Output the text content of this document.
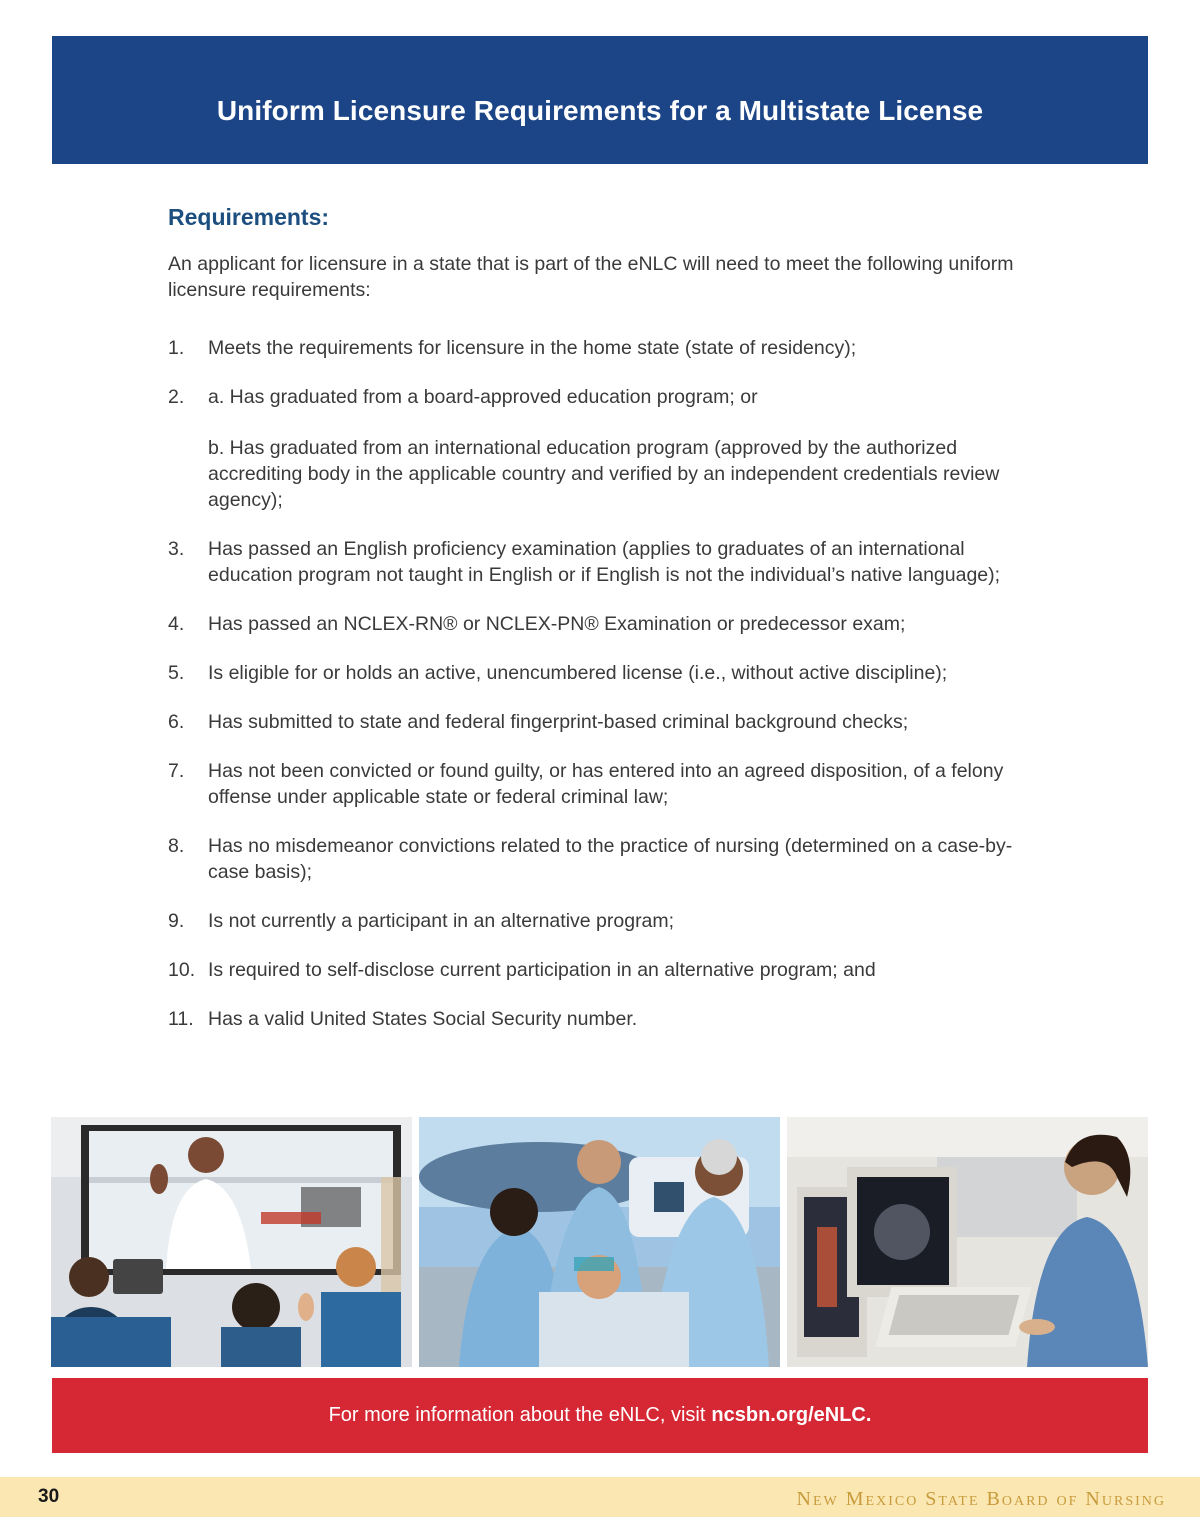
Uniform Licensure Requirements for a Multistate License
Requirements:

An applicant for licensure in a state that is part of the eNLC will need to meet the following uniform licensure requirements:

1.	Meets the requirements for licensure in the home state (state of residency);
2.	a. Has graduated from a board-approved education program; or
b. Has graduated from an international education program (approved by the authorized accrediting body in the applicable country and verified by an independent credentials review agency);
3.	Has passed an English proficiency examination (applies to graduates of an international education program not taught in English or if English is not the individual’s native language);
4.	Has passed an NCLEX-RN® or NCLEX-PN® Examination or predecessor exam;
5.	Is eligible for or holds an active, unencumbered license (i.e., without active discipline);
6.	Has submitted to state and federal fingerprint-based criminal background checks;
7.	Has not been convicted or found guilty, or has entered into an agreed disposition, of a felony offense under applicable state or federal criminal law;
8.	Has no misdemeanor convictions related to the practice of nursing (determined on a case-by-case basis);
9.	Is not currently a participant in an alternative program;
10. Is required to self-disclose current participation in an alternative program; and
11. Has a valid United States Social Security number.
For more information about the eNLC, visit ncsbn.org/eNLC.
30	New Mexico State Board of Nursing
